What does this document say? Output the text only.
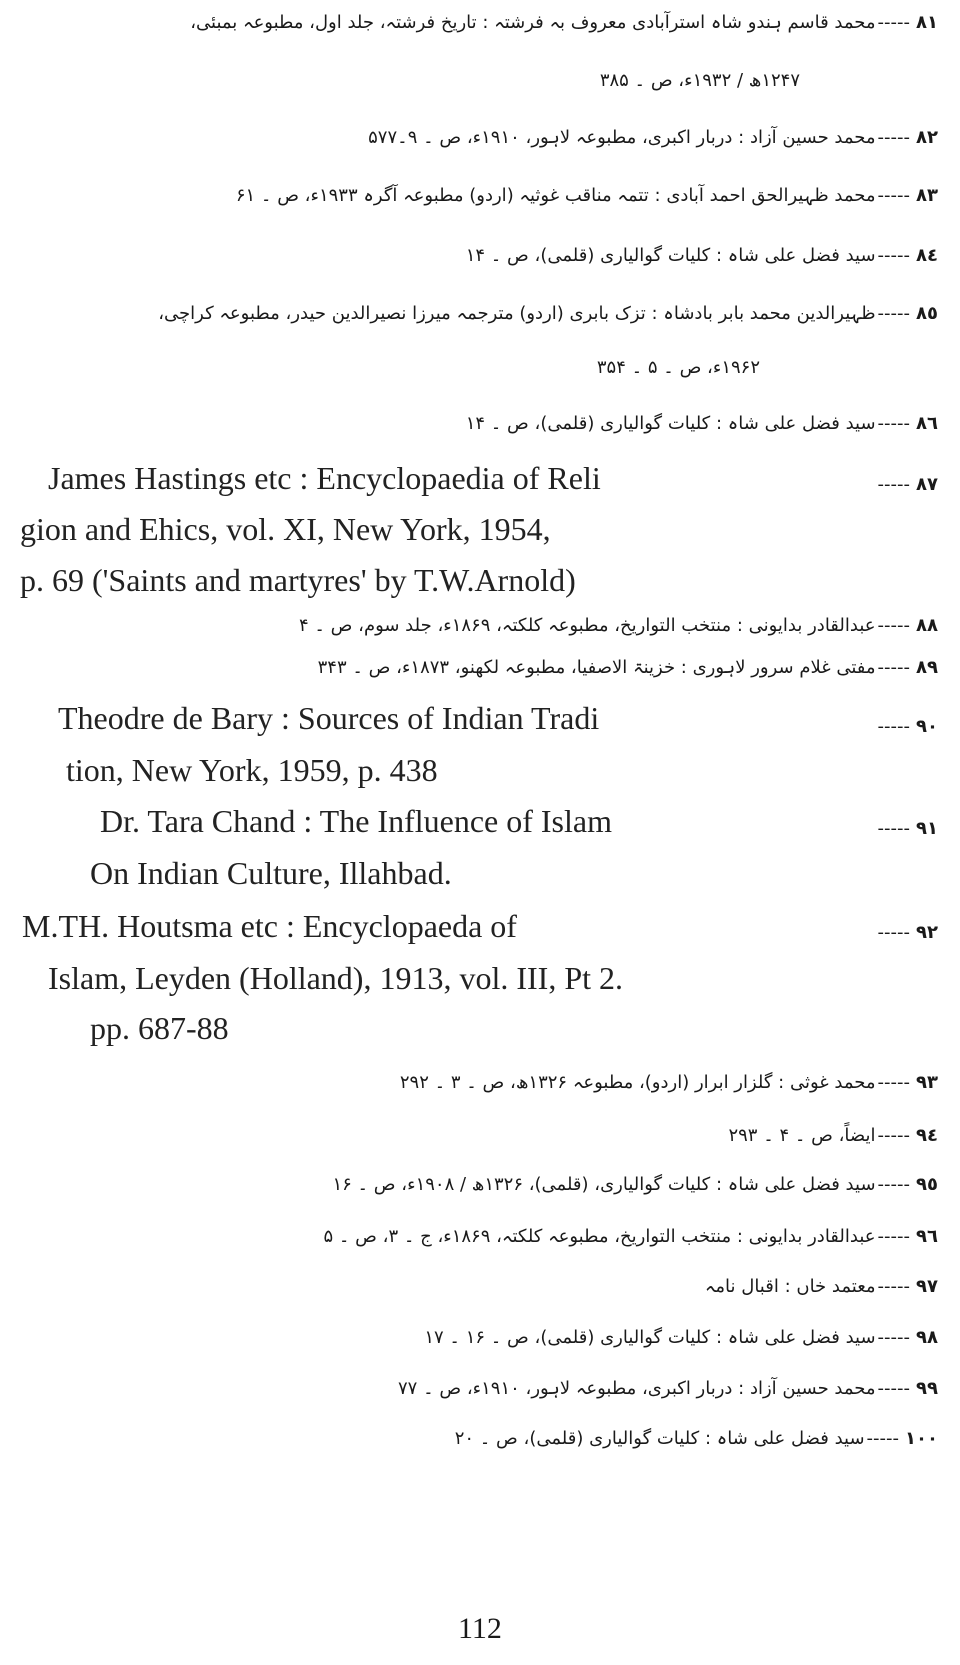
٨١-----محمد قاسم ہندو شاہ استرآبادی معروف بہ فرشتہ : تاریخ فرشتہ، جلد اول، مطبوعہ بمبئی،
۱۲۴۷ھ / ۱۹۳۲ء، ص ۔ ۳۸۵
٨٢-----محمد حسین آزاد : دربار اکبری، مطبوعہ لاہور، ۱۹۱۰ء، ص ۔ ۹۔۵۷۷
٨٣-----محمد ظہیرالحق احمد آبادی : تتمہ مناقب غوثیہ (اردو) مطبوعہ آگرہ ۱۹۳۳ء، ص ۔ ۶۱
٨٤-----سید فضل علی شاہ : کلیات گوالیاری (قلمی)، ص ۔ ۱۴
٨٥-----ظہیرالدین محمد بابر بادشاہ : تزک بابری (اردو) مترجمہ میرزا نصیرالدین حیدر، مطبوعہ کراچی،
۱۹۶۲ء، ص ۔ ۵ ۔ ۳۵۴
٨٦-----سید فضل علی شاہ : کلیات گوالیاری (قلمی)، ص ۔ ۱۴
James Hastings etc : Encyclopaedia of Reli	٨٧-----
gion and Ehics, vol. XI, New York, 1954,
p. 69 ('Saints and martyres' by T.W.Arnold)
٨٨-----عبدالقادر بدایونی : منتخب التواریخ، مطبوعہ کلکتہ، ۱۸۶۹ء، جلد سوم، ص ۔ ۴
٨٩-----مفتی غلام سرور لاہوری : خزینۃ الاصفیا، مطبوعہ لکھنو، ۱۸۷۳ء، ص ۔ ۳۴۳
Theodre de Bary : Sources of Indian Tradi	٩٠-----
tion, New York, 1959, p. 438
Dr. Tara Chand : The Influence of Islam	٩١-----
On Indian Culture, Illahbad.
M.TH. Houtsma etc : Encyclopaeda of	٩٢-----
Islam, Leyden (Holland), 1913, vol. III, Pt 2.
pp. 687-88
٩٣-----محمد غوثی : گلزار ابرار (اردو)، مطبوعہ ۱۳۲۶ھ، ص ۔ ۳ ۔ ۲۹۲
٩٤-----ایضاً، ص ۔ ۴ ۔ ۲۹۳
٩٥-----سید فضل علی شاہ : کلیات گوالیاری، (قلمی)، ۱۳۲۶ھ / ۱۹۰۸ء، ص ۔ ۱۶
٩٦-----عبدالقادر بدایونی : منتخب التواریخ، مطبوعہ کلکتہ، ۱۸۶۹ء، ج ۔ ۳، ص ۔ ۵
٩٧-----معتمد خاں : اقبال نامہ
٩٨-----سید فضل علی شاہ : کلیات گوالیاری (قلمی)، ص ۔ ۱۶ ۔ ۱۷
٩٩-----محمد حسین آزاد : دربار اکبری، مطبوعہ لاہور، ۱۹۱۰ء، ص ۔ ۷۷
١٠٠-----سید فضل علی شاہ : کلیات گوالیاری (قلمی)، ص ۔ ۲۰
112
